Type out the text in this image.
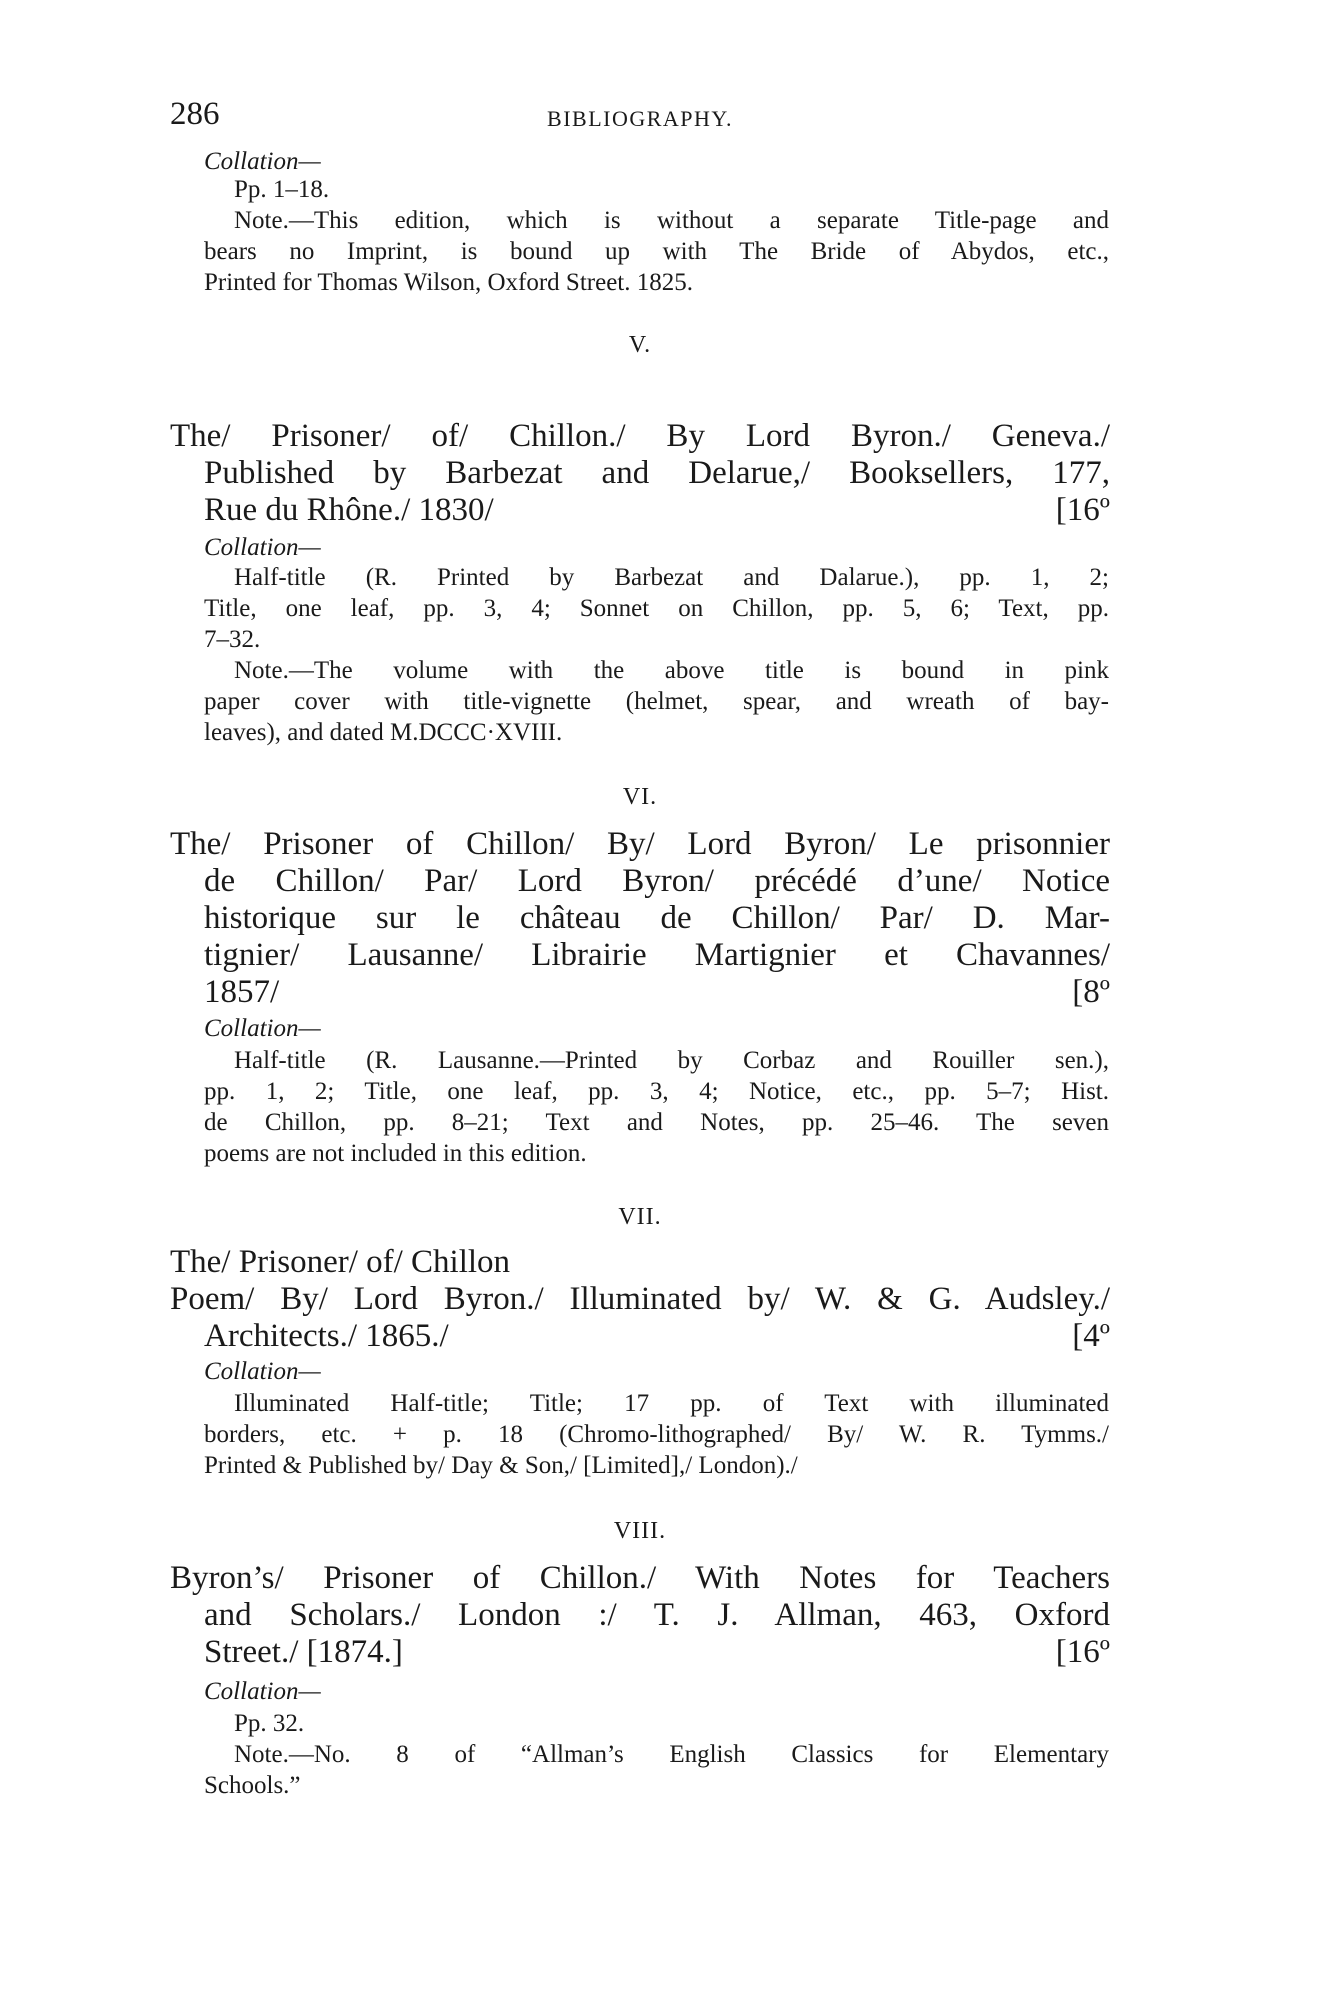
286	BIBLIOGRAPHY.
Collation—
Pp. 1–18.
Note.—This edition, which is without a separate Title-page and
bears no Imprint, is bound up with The Bride of Abydos, etc.,
Printed for Thomas Wilson, Oxford Street. 1825.
V.
The/ Prisoner/ of/ Chillon./ By Lord Byron./ Geneva./
Published by Barbezat and Delarue,/ Booksellers, 177,
Rue du Rhône./ 1830/	[16º
Collation—
Half-title (R. Printed by Barbezat and Dalarue.), pp. 1, 2;
Title, one leaf, pp. 3, 4; Sonnet on Chillon, pp. 5, 6; Text, pp.
7–32.
Note.—The volume with the above title is bound in pink
paper cover with title-vignette (helmet, spear, and wreath of bay-
leaves), and dated M.DCCC·XVIII.
VI.
The/ Prisoner of Chillon/ By/ Lord Byron/ Le prisonnier
de Chillon/ Par/ Lord Byron/ précédé d’une/ Notice
historique sur le château de Chillon/ Par/ D. Mar-
tignier/ Lausanne/ Librairie Martignier et Chavannes/
1857/	[8º
Collation—
Half-title (R. Lausanne.—Printed by Corbaz and Rouiller sen.),
pp. 1, 2; Title, one leaf, pp. 3, 4; Notice, etc., pp. 5–7; Hist.
de Chillon, pp. 8–21; Text and Notes, pp. 25–46. The seven
poems are not included in this edition.
VII.
The/ Prisoner/ of/ Chillon
Poem/ By/ Lord Byron./ Illuminated by/ W. & G. Audsley./
Architects./ 1865./	[4º
Collation—
Illuminated Half-title; Title; 17 pp. of Text with illuminated
borders, etc. + p. 18 (Chromo-lithographed/ By/ W. R. Tymms./
Printed & Published by/ Day & Son,/ [Limited],/ London)./
VIII.
Byron’s/ Prisoner of Chillon./ With Notes for Teachers
and Scholars./ London :/ T. J. Allman, 463, Oxford
Street./ [1874.]	[16º
Collation—
Pp. 32.
Note.—No. 8 of “Allman’s English Classics for Elementary
Schools.”
